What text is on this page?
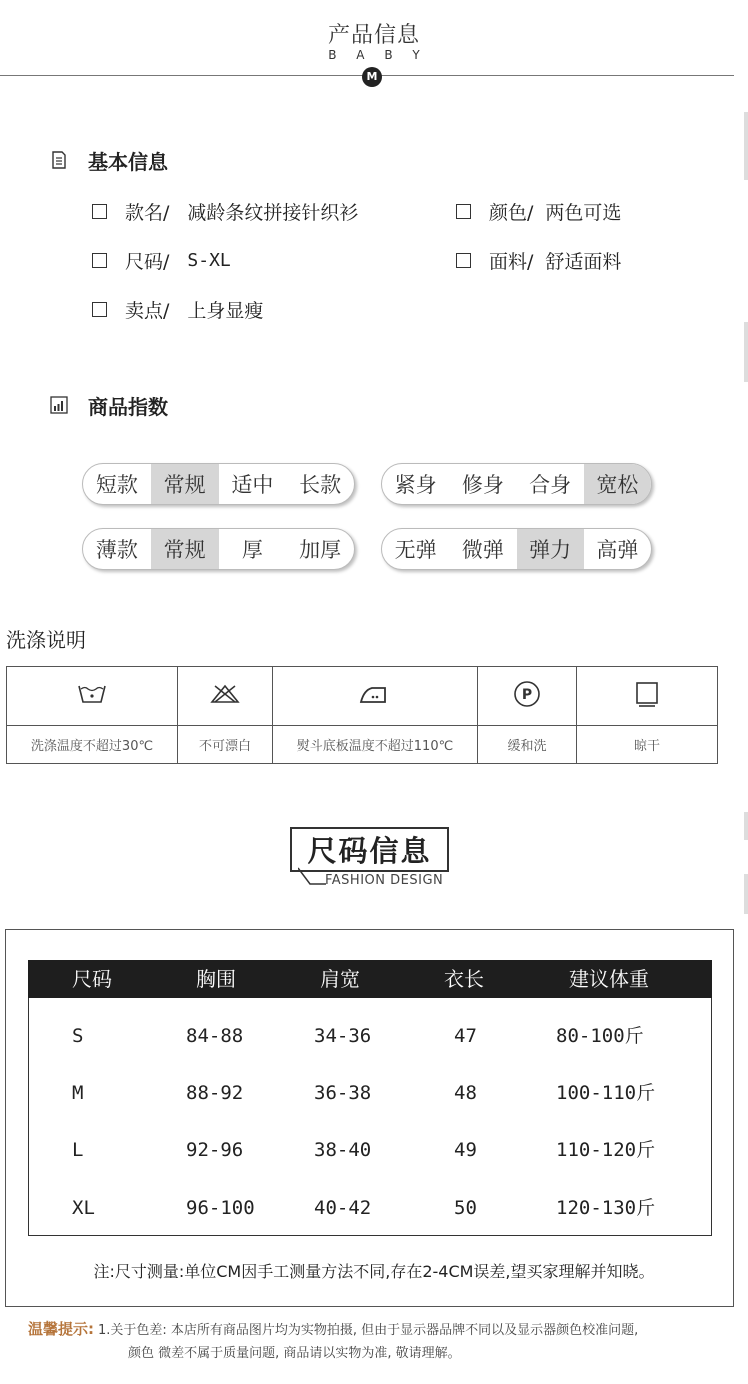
产品信息
B A B Y
M
基本信息
款名/ 减龄条纹拼接针织衫	颜色/ 两色可选
尺码/ S-XL	面料/ 舒适面料
卖点/ 上身显瘦
商品指数
短款	常规	适中	长款	紧身	修身	合身	宽松
薄款	常规	厚	加厚	无弹	微弹	弹力	高弹
洗涤说明

P

洗涤温度不超过30℃	不可漂白	熨斗底板温度不超过110℃	缓和洗	晾干
尺码信息
FASHION DESIGN
尺码	胸围	肩宽	衣长	建议体重
S	84-88	34-36	47	80-100斤
M	88-92	36-38	48	100-110斤
L	92-96	38-40	49	110-120斤
XL	96-100	40-42	50	120-130斤
注:尺寸测量:单位CM因手工测量方法不同,存在2-4CM误差,望买家理解并知晓。
温馨提示: 1.关于色差: 本店所有商品图片均为实物拍摄, 但由于显示器品牌不同以及显示器颜色校准问题,
颜色 微差不属于质量问题, 商品请以实物为准, 敬请理解。
